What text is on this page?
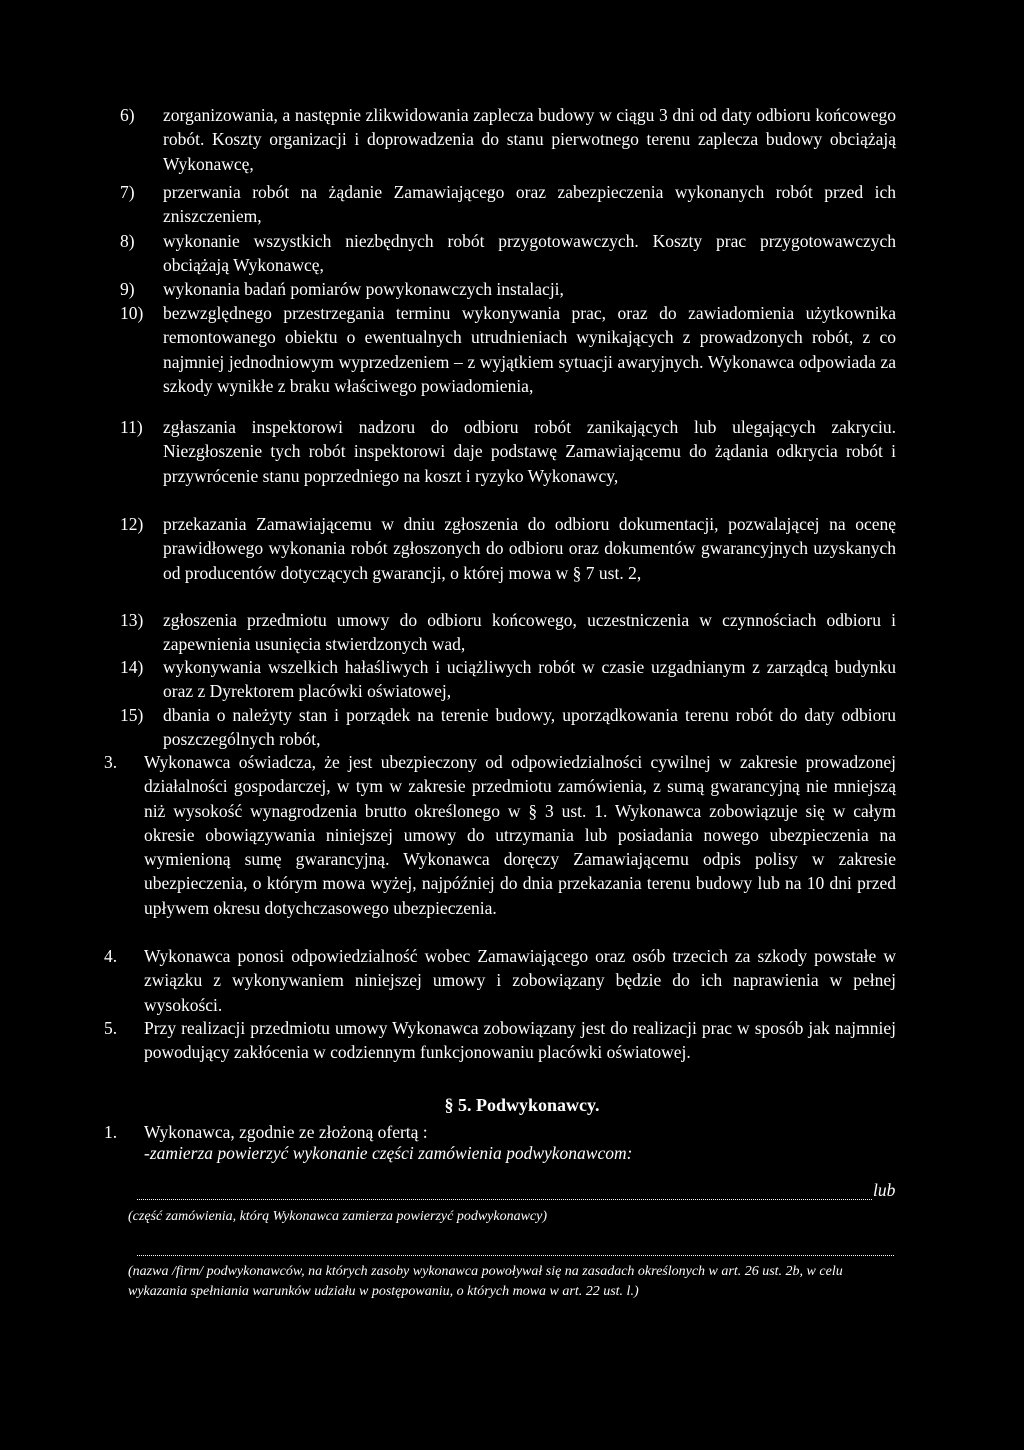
6) zorganizowania, a następnie zlikwidowania zaplecza budowy w ciągu 3 dni od daty odbioru końcowego robót. Koszty organizacji i doprowadzenia do stanu pierwotnego terenu zaplecza budowy obciążają Wykonawcę,
7) przerwania robót na żądanie Zamawiającego oraz zabezpieczenia wykonanych robót przed ich zniszczeniem,
8) wykonanie wszystkich niezbędnych robót przygotowawczych. Koszty prac przygotowawczych obciążają Wykonawcę,
9) wykonania badań pomiarów powykonawczych instalacji,
10) bezwzględnego przestrzegania terminu wykonywania prac, oraz do zawiadomienia użytkownika remontowanego obiektu o ewentualnych utrudnieniach wynikających z prowadzonych robót, z co najmniej jednodniowym wyprzedzeniem – z wyjątkiem sytuacji awaryjnych. Wykonawca odpowiada za szkody wynikłe z braku właściwego powiadomienia,
11) zgłaszania inspektorowi nadzoru do odbioru robót zanikających lub ulegających zakryciu. Niezgłoszenie tych robót inspektorowi daje podstawę Zamawiającemu do żądania odkrycia robót i przywrócenie stanu poprzedniego na koszt i ryzyko Wykonawcy,
12) przekazania Zamawiającemu w dniu zgłoszenia do odbioru dokumentacji, pozwalającej na ocenę prawidłowego wykonania robót zgłoszonych do odbioru oraz dokumentów gwarancyjnych uzyskanych od producentów dotyczących gwarancji, o której mowa w § 7 ust. 2,
13) zgłoszenia przedmiotu umowy do odbioru końcowego, uczestniczenia w czynnościach odbioru i zapewnienia usunięcia stwierdzonych wad,
14) wykonywania wszelkich hałaśliwych i uciążliwych robót w czasie uzgadnianym z zarządcą budynku oraz z Dyrektorem placówki oświatowej,
15) dbania o należyty stan i porządek na terenie budowy, uporządkowania terenu robót do daty odbioru poszczególnych robót,
3. Wykonawca oświadcza, że jest ubezpieczony od odpowiedzialności cywilnej w zakresie prowadzonej działalności gospodarczej, w tym w zakresie przedmiotu zamówienia, z sumą gwarancyjną nie mniejszą niż wysokość wynagrodzenia brutto określonego w § 3 ust. 1. Wykonawca zobowiązuje się w całym okresie obowiązywania niniejszej umowy do utrzymania lub posiadania nowego ubezpieczenia na wymienioną sumę gwarancyjną. Wykonawca doręczy Zamawiającemu odpis polisy w zakresie ubezpieczenia, o którym mowa wyżej, najpóźniej do dnia przekazania terenu budowy lub na 10 dni przed upływem okresu dotychczasowego ubezpieczenia.
4. Wykonawca ponosi odpowiedzialność wobec Zamawiającego oraz osób trzecich za szkody powstałe w związku z wykonywaniem niniejszej umowy i zobowiązany będzie do ich naprawienia w pełnej wysokości.
5. Przy realizacji przedmiotu umowy Wykonawca zobowiązany jest do realizacji prac w sposób jak najmniej powodujący zakłócenia w codziennym funkcjonowaniu placówki oświatowej.
§ 5. Podwykonawcy.
1. Wykonawca, zgodnie ze złożoną ofertą :
-zamierza powierzyć wykonanie części zamówienia podwykonawcom:
lub
(część zamówienia, którą Wykonawca zamierza powierzyć podwykonawcy)
(nazwa /firm/ podwykonawców, na których zasoby wykonawca powoływał się na zasadach określonych w art. 26 ust. 2b, w celu wykazania spełniania warunków udziału w postępowaniu, o których mowa w art. 22 ust. l.)
